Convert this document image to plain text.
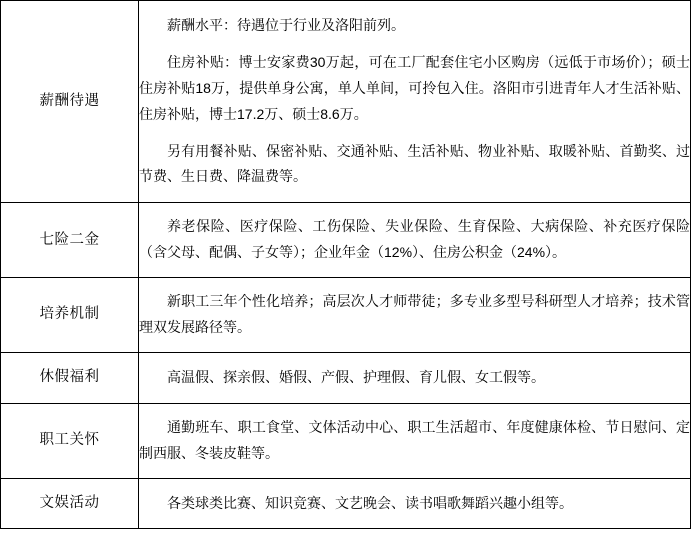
薪酬待遇	薪酬水平：待遇位于行业及洛阳前列。

住房补贴：博士安家费30万起，可在工厂配套住宅小区购房（远低于市场价）；硕士住房补贴18万，提供单身公寓，单人单间，可拎包入住。洛阳市引进青年人才生活补贴、住房补贴，博士17.2万、硕士8.6万。

另有用餐补贴、保密补贴、交通补贴、生活补贴、物业补贴、取暖补贴、首勤奖、过节费、生日费、降温费等。

七险二金	养老保险、医疗保险、工伤保险、失业保险、生育保险、大病保险、补充医疗保险（含父母、配偶、子女等）；企业年金（12%）、住房公积金（24%）。

培养机制	新职工三年个性化培养；高层次人才师带徒；多专业多型号科研型人才培养；技术管理双发展路径等。

休假福利	高温假、探亲假、婚假、产假、护理假、育儿假、女工假等。

职工关怀	通勤班车、职工食堂、文体活动中心、职工生活超市、年度健康体检、节日慰问、定制西服、冬装皮鞋等。

文娱活动	各类球类比赛、知识竞赛、文艺晚会、读书唱歌舞蹈兴趣小组等。
